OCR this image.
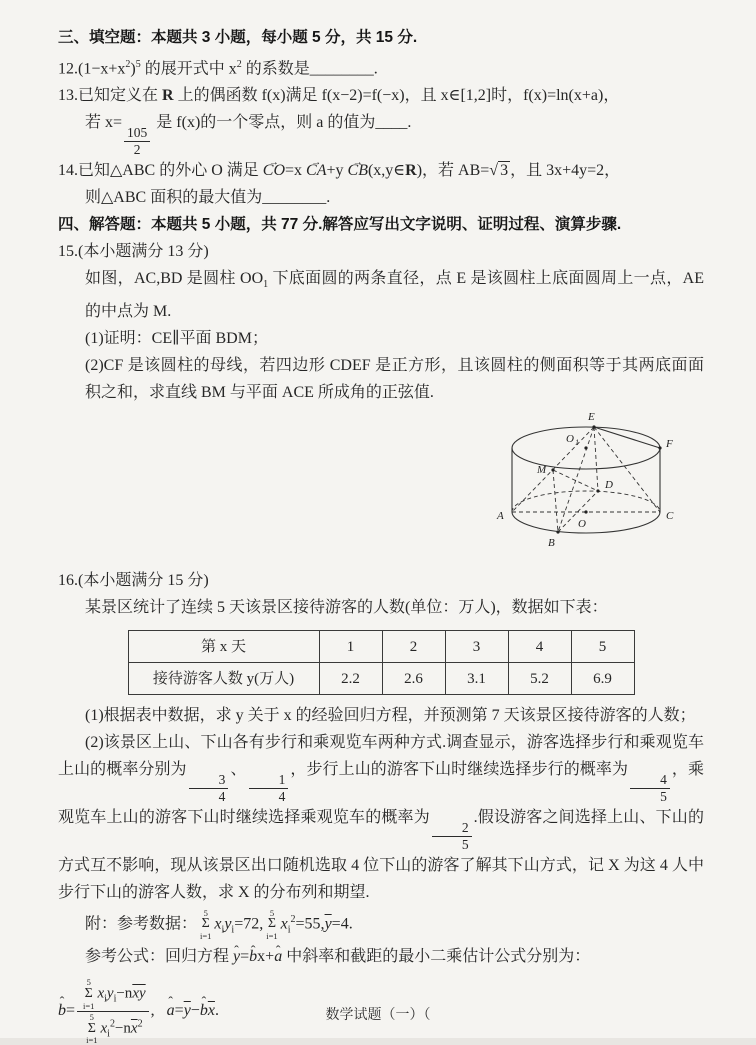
三、填空题：本题共 3 小题，每小题 5 分，共 15 分.

$12.(1-x+x^2)^5$ 的展开式中 $x^2$ 的系数是________.

13.已知定义在 R 上的偶函数 f(x)满足 f(x−2)=f(−x)，且 x∈[1,2]时，f(x)=ln(x+a)，

若 x=
$\frac{105}{2}$
是 f(x)的一个零点，则 a 的值为____.

14.已知△ABC 的外心 O 满足 CO →=x CA →+y CB →(x,y∈R)，若 AB=√ 3 ，且 3x+4y=2，

则△ABC 面积的最大值为________.

四、解答题：本题共 5 小题，共 77 分.解答应写出文字说明、证明过程、演算步骤.

15.(本小题满分 13 分)

如图，AC,BD 是圆柱 $OO_1$ 下底面圆的两条直径，点 E 是该圆柱上底面圆周上一点，AE 的中点为 M.

(1)证明：CE∥平面 BDM；

(2)CF 是该圆柱的母线，若四边形 CDEF 是正方形，且该圆柱的侧面积等于其两底面面积之和，求直线 BM 与平面 ACE 所成角的正弦值.

E
F
O 1
M
D
A	C
O
B

16.(本小题满分 15 分)

某景区统计了连续 5 天该景区接待游客的人数(单位：万人)，数据如下表：

第 x 天	1	2	3	4	5
接待游客人数 y(万人)	2.2	2.6	3.1	5.2	6.9

(1)根据表中数据，求 y 关于 x 的经验回归方程，并预测第 7 天该景区接待游客的人数；

(2)该景区上山、下山各有步行和乘观览车两种方式.调查显示，游客选择步行和乘观览车上山的概率分别为
$\frac{3}{4}$
、
$\frac{1}{4}$
，步行上山的游客下山时继续选择步行的概率为
$\frac{4}{5}$
，乘观览车上山的游客下山时继续选择乘观览车的概率为
$\frac{2}{5}$
.假设游客之间选择上山、下山的方式互不影响，现从该景区出口随机选取 4 位下山的游客了解其下山方式，记 X 为这 4 人中步行下山的游客人数，求 X 的分布列和期望.

附：参考数据：
5
Σ
i=1
$x_iy_i=72$,
5
Σ
i=1
$x_i^2=55,\overline{y}=4$.

参考公式：回归方程 y ˆ=b ˆx+a ˆ 中斜率和截距的最小二乘估计公式分别为：

b ˆ= 5
Σ
i=1
$x_iy_i-n\overline{x}\overline{y}$
5
Σ
i=1
$x_i^2-n\overline{x}^2$ , a $ˆ=\overline{y}-b$ $ˆ\overline{x}$.	数学试题（一）（
